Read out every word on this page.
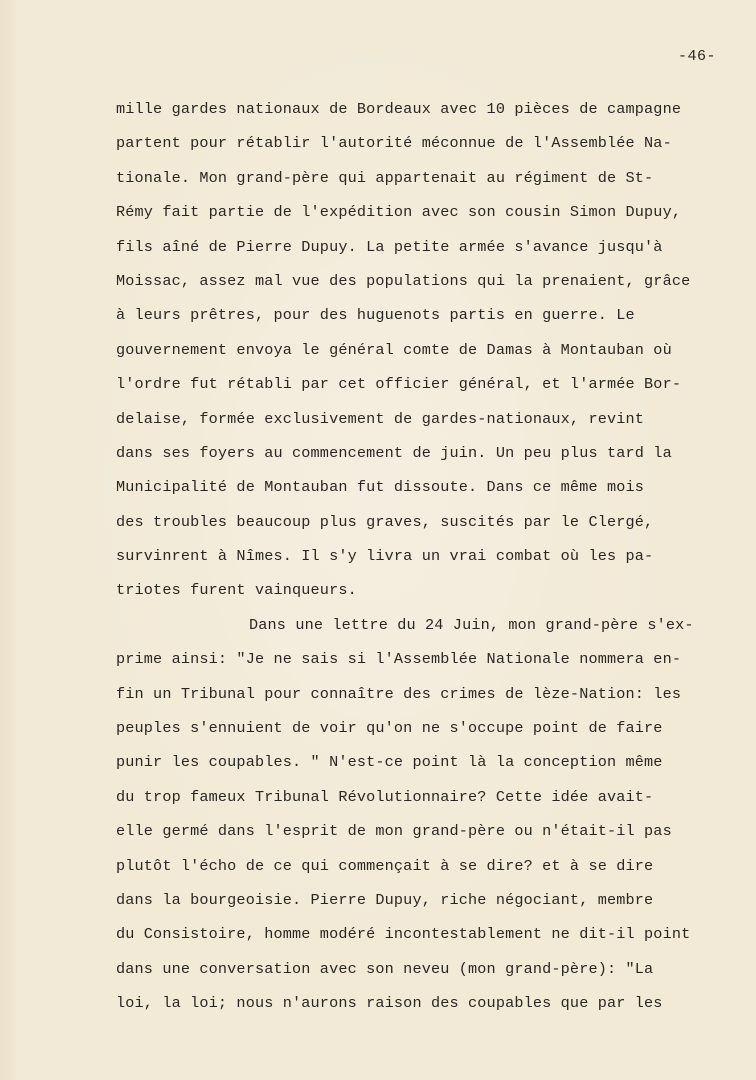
-46-
mille gardes nationaux de Bordeaux avec 10 pièces de campagne
partent pour rétablir l'autorité méconnue de l'Assemblée Na-
tionale. Mon grand-père qui appartenait au régiment de St-
Rémy fait partie de l'expédition avec son cousin Simon Dupuy,
fils aîné de Pierre Dupuy. La petite armée s'avance jusqu'à
Moissac, assez mal vue des populations qui la prenaient, grâce
à leurs prêtres, pour des huguenots partis en guerre. Le
gouvernement envoya le général comte de Damas à Montauban où
l'ordre fut rétabli par cet officier général, et l'armée Bor-
delaise, formée exclusivement de gardes-nationaux, revint
dans ses foyers au commencement de juin. Un peu plus tard la
Municipalité de Montauban fut dissoute. Dans ce même mois
des troubles beaucoup plus graves, suscités par le Clergé,
survinrent à Nîmes. Il s'y livra un vrai combat où les pa-
triotes furent vainqueurs.
Dans une lettre du 24 Juin, mon grand-père s'ex-
prime ainsi: "Je ne sais si l'Assemblée Nationale nommera en-
fin un Tribunal pour connaître des crimes de lèze-Nation: les
peuples s'ennuient de voir qu'on ne s'occupe point de faire
punir les coupables. " N'est-ce point là la conception même
du trop fameux Tribunal Révolutionnaire? Cette idée avait-
elle germé dans l'esprit de mon grand-père ou n'était-il pas
plutôt l'écho de ce qui commençait à se dire? et à se dire
dans la bourgeoisie. Pierre Dupuy, riche négociant, membre
du Consistoire, homme modéré incontestablement ne dit-il point
dans une conversation avec son neveu (mon grand-père): "La
loi, la loi; nous n'aurons raison des coupables que par les
